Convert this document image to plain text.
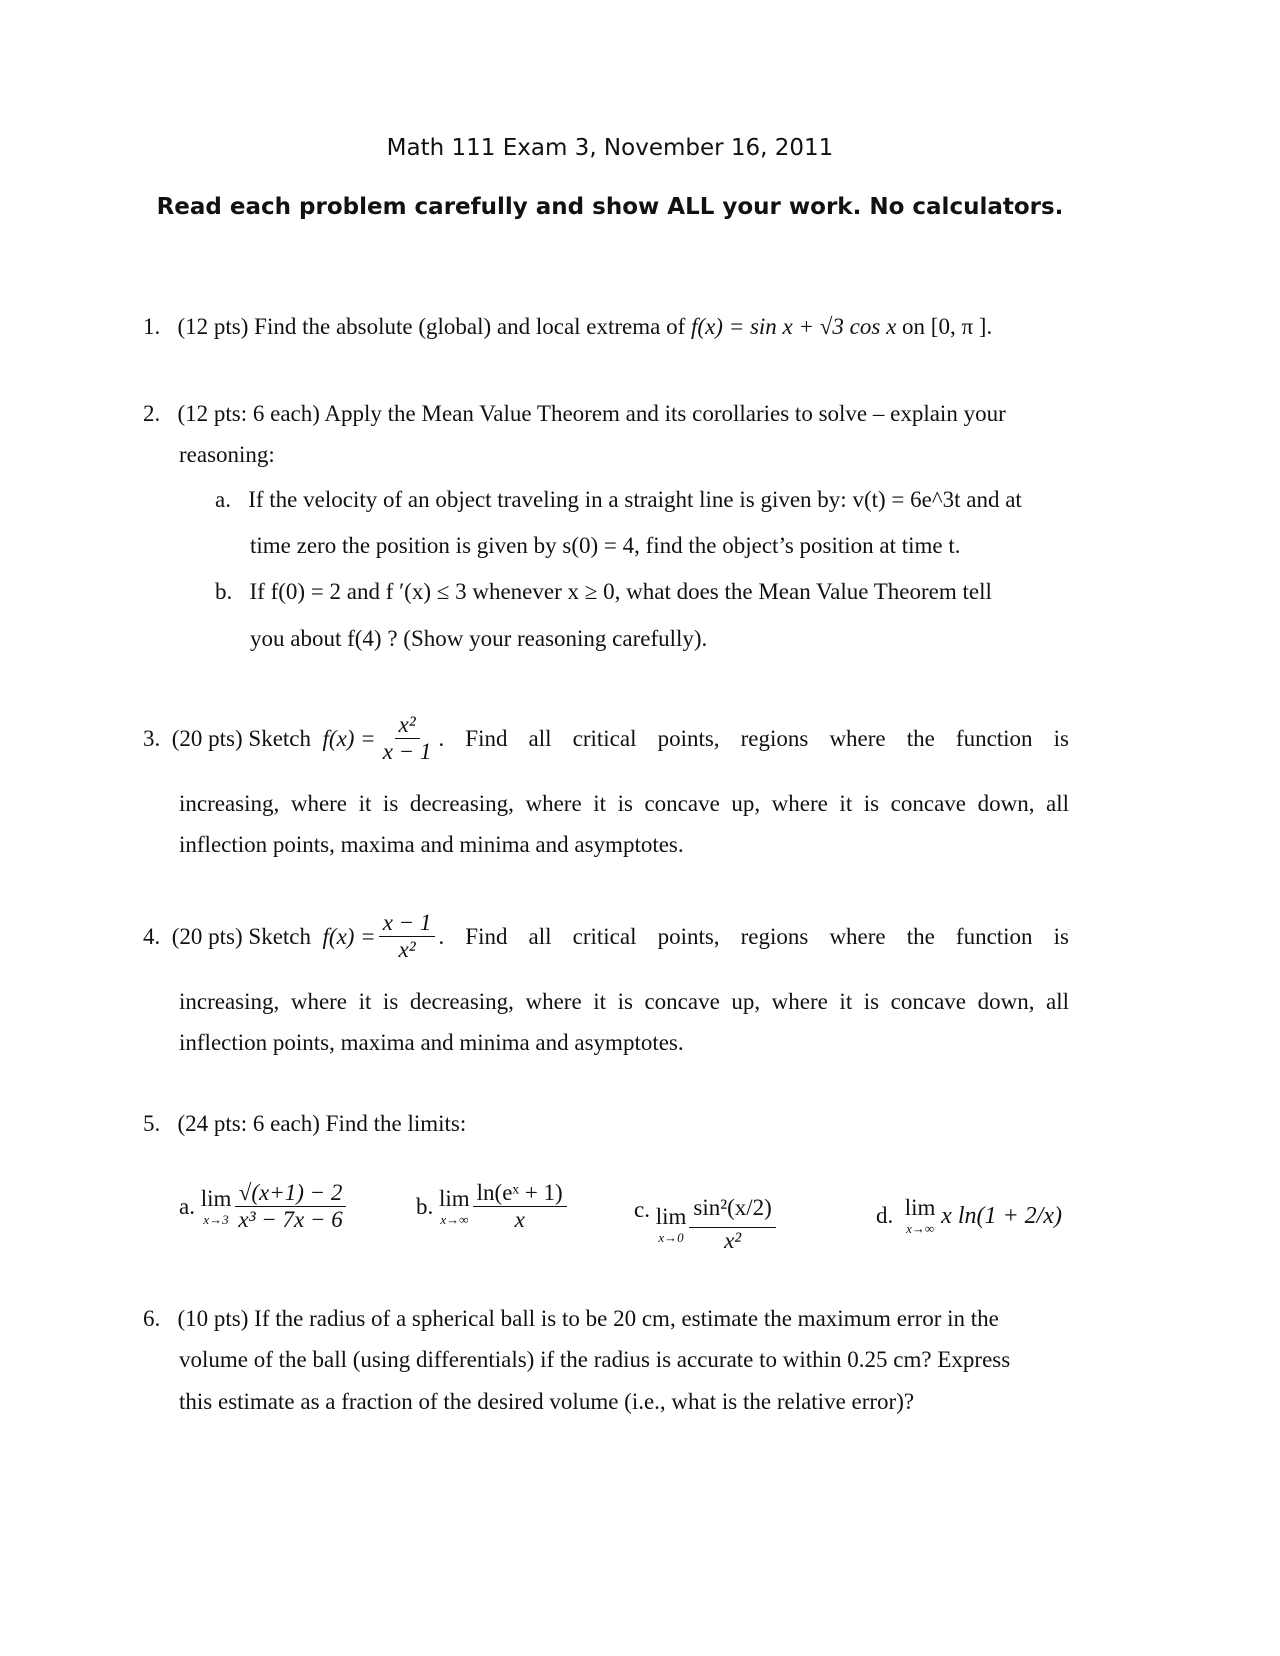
Math 111 Exam 3, November 16, 2011
Read each problem carefully and show ALL your work. No calculators.
1. (12 pts) Find the absolute (global) and local extrema of f(x) = sin x + √3 cos x on [0, π ].
2. (12 pts: 6 each) Apply the Mean Value Theorem and its corollaries to solve – explain your
reasoning:
a. If the velocity of an object traveling in a straight line is given by: v(t) = 6e^3t and at
time zero the position is given by s(0) = 4, find the object’s position at time t.
b. If f(0) = 2 and f ′(x) ≤ 3 whenever x ≥ 0, what does the Mean Value Theorem tell
you about f(4) ? (Show your reasoning carefully).
3.
(20 pts) Sketch
$f(x) = \frac{\text{x²}}{x - 1}$ . Find all critical points, regions where the function is
increasing, where it is decreasing, where it is concave up, where it is concave down, all
inflection points, maxima and minima and asymptotes.
4.
(20 pts) Sketch
$f(x) = \frac{x - 1}{\text{x²}}$ . Find all critical points, regions where the function is
increasing, where it is decreasing, where it is concave up, where it is concave down, all
inflection points, maxima and minima and asymptotes.
5. (24 pts: 6 each) Find the limits:
a.
lim
$x\to 3 \frac{√(x+1) - 2}{\text{x³ − 7x − 6}}$	b.
lim
$x\to\infty \frac{\text{ln(eˣ + 1)}}{x}$	c.
lim
$x\to 0 \frac{\text{sin²(x/2)}}{\text{x²}}$	d.
lim
x→∞
x ln(1 + 2/x)
6. (10 pts) If the radius of a spherical ball is to be 20 cm, estimate the maximum error in the
volume of the ball (using differentials) if the radius is accurate to within 0.25 cm? Express
this estimate as a fraction of the desired volume (i.e., what is the relative error)?
